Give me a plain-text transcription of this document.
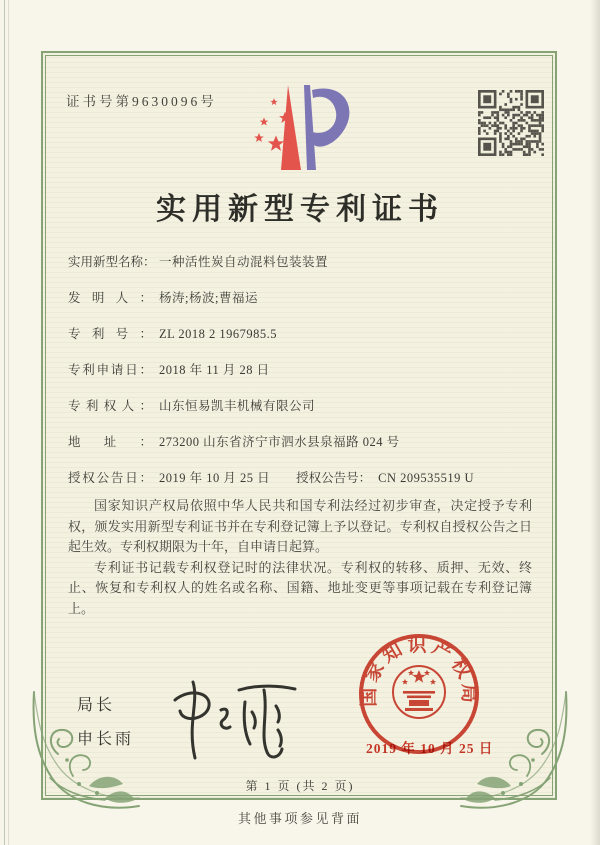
证书号第9630096号
实用新型专利证书
实用新型名称： 一种活性炭自动混料包装装置
发明人： 杨涛;杨波;曹福运
专利号： ZL 2018 2 1967985.5
专利申请日： 2018 年 11 月 28 日
专利权人： 山东恒易凯丰机械有限公司
地址： 273200 山东省济宁市泗水县泉福路 024 号
授权公告日： 2019 年 10 月 25 日 授权公告号： CN 209535519 U

国家知识产权局依照中华人民共和国专利法经过初步审查，决定授予专利权，颁发实用新型专利证书并在专利登记簿上予以登记。专利权自授权公告之日起生效。专利权期限为十年，自申请日起算。

专利证书记载专利权登记时的法律状况。专利权的转移、质押、无效、终止、恢复和专利权人的姓名或名称、国籍、地址变更等事项记载在专利登记簿上。

局长
申长雨
国家知识产权局
2019 年 10 月 25 日
第 1 页 (共 2 页)
其他事项参见背面
